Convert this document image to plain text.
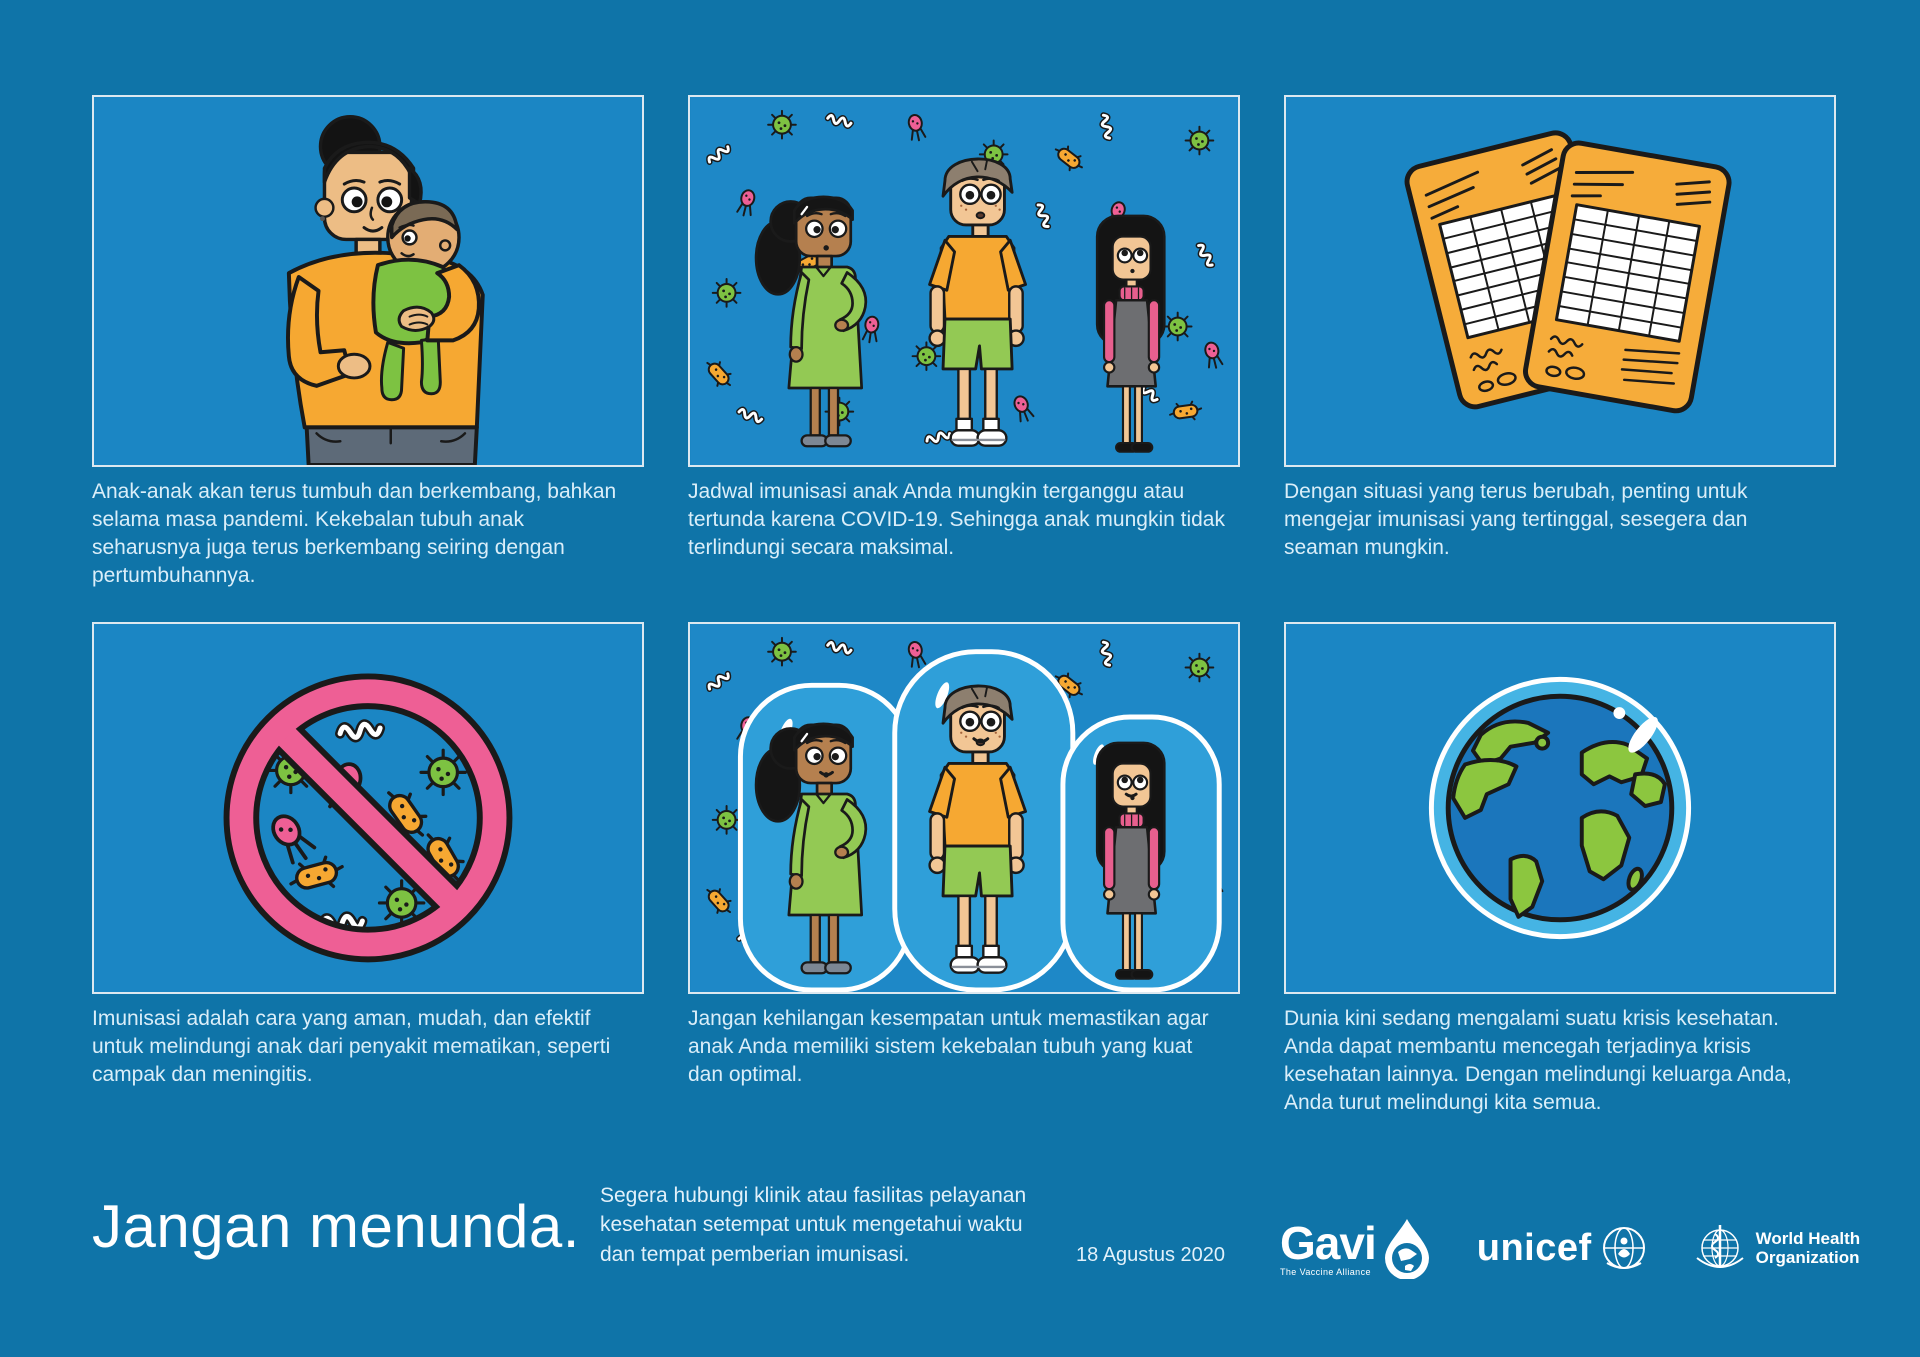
Anak-anak akan terus tumbuh dan berkembang, bahkan selama masa pandemi. Kekebalan tubuh anak seharusnya juga terus berkembang seiring dengan pertumbuhannya.
Jadwal imunisasi anak Anda mungkin terganggu atau tertunda karena COVID-19. Sehingga anak mungkin tidak terlindungi secara maksimal.
Dengan situasi yang terus berubah, penting untuk mengejar imunisasi yang tertinggal, sesegera dan seaman mungkin.
Imunisasi adalah cara yang aman, mudah, dan efektif untuk melindungi anak dari penyakit mematikan, seperti campak dan meningitis.
Jangan kehilangan kesempatan untuk memastikan agar anak Anda memiliki sistem kekebalan tubuh yang kuat dan optimal.
Dunia kini sedang mengalami suatu krisis kesehatan. Anda dapat membantu mencegah terjadinya krisis kesehatan lainnya. Dengan melindungi keluarga Anda, Anda turut melindungi kita semua.
Jangan menunda. Segera hubungi klinik atau fasilitas pelayanan kesehatan setempat untuk mengetahui waktu dan tempat pemberian imunisasi.	18 Agustus 2020 Gavi
The Vaccine Alliance
unicef	World Health
Organization
